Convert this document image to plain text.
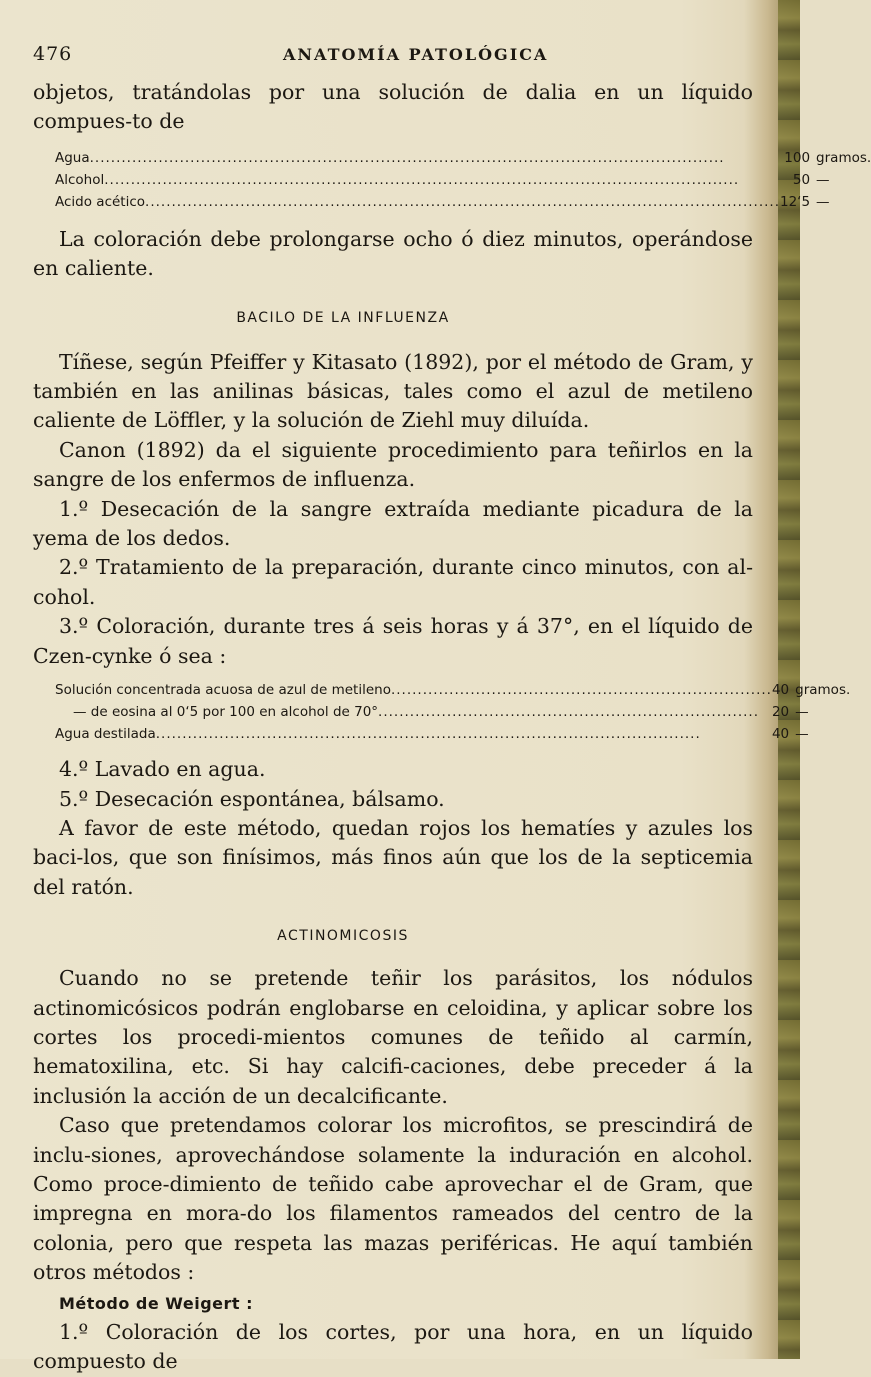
476	ANATOMÍA PATOLÓGICA

objetos, tratándolas por una solución de dalia en un líquido compues-to de

Agua........................................................................................................................	100	gramos.
Alcohol........................................................................................................................	50	—
Acido acético........................................................................................................................	12‘5	—

La coloración debe prolongarse ocho ó diez minutos, operándose en caliente.

BACILO DE LA INFLUENZA

Tíñese, según Pfeiffer y Kitasato (1892), por el método de Gram, y también en las anilinas básicas, tales como el azul de metileno caliente de Löffler, y la solución de Ziehl muy diluída.

Canon (1892) da el siguiente procedimiento para teñirlos en la sangre de los enfermos de influenza.

1.º Desecación de la sangre extraída mediante picadura de la yema de los dedos.

2.º Tratamiento de la preparación, durante cinco minutos, con al-cohol.

3.º Coloración, durante tres á seis horas y á 37°, en el líquido de Czen-cynke ó sea :

Solución concentrada acuosa de azul de metileno........................................................................	40	gramos.
— de eosina al 0‘5 por 100 en alcohol de 70°........................................................................	20	—
Agua destilada.......................................................................................................	40	—

4.º Lavado en agua.

5.º Desecación espontánea, bálsamo.

A favor de este método, quedan rojos los hematíes y azules los baci-los, que son finísimos, más finos aún que los de la septicemia del ratón.

ACTINOMICOSIS

Cuando no se pretende teñir los parásitos, los nódulos actinomicósicos podrán englobarse en celoidina, y aplicar sobre los cortes los procedi-mientos comunes de teñido al carmín, hematoxilina, etc. Si hay calcifi-caciones, debe preceder á la inclusión la acción de un decalcificante.

Caso que pretendamos colorar los microfitos, se prescindirá de inclu-siones, aprovechándose solamente la induración en alcohol. Como proce-dimiento de teñido cabe aprovechar el de Gram, que impregna en mora-do los filamentos rameados del centro de la colonia, pero que respeta las mazas periféricas. He aquí también otros métodos :

Método de Weigert :

1.º Coloración de los cortes, por una hora, en un líquido compuesto de
